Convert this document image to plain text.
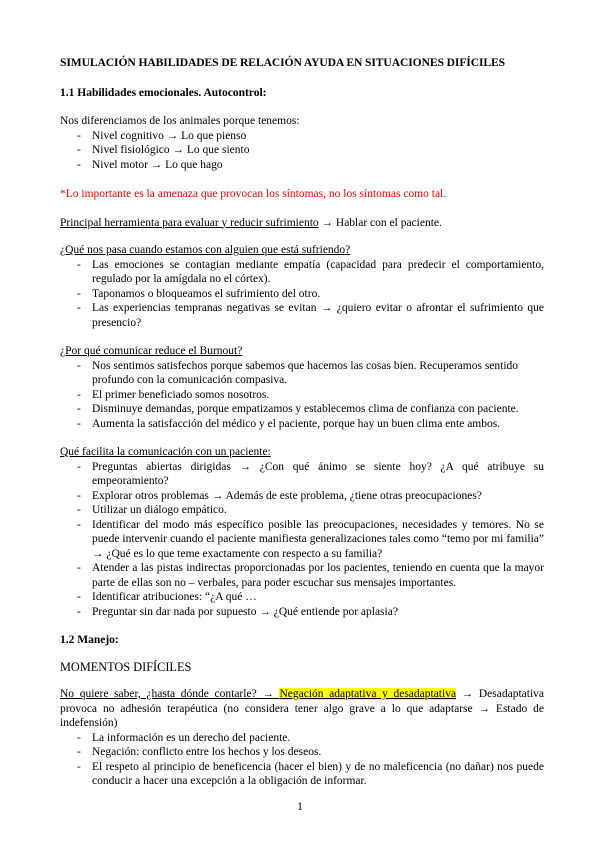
SIMULACIÓN HABILIDADES DE RELACIÓN AYUDA EN SITUACIONES DIFÍCILES

1.1 Habilidades emocionales. Autocontrol:

Nos diferenciamos de los animales porque tenemos:

- Nivel cognitivo → Lo que pienso
- Nivel fisiológico → Lo que siento
- Nivel motor → Lo que hago

*Lo importante es la amenaza que provocan los síntomas, no los síntomas como tal.

Principal herramienta para evaluar y reducir sufrimiento → Hablar con el paciente.

¿Qué nos pasa cuando estamos con alguien que está sufriendo?

- Las emociones se contagian mediante empatía (capacidad para predecir el comportamiento, regulado por la amígdala no el córtex).
- Taponamos o bloqueamos el sufrimiento del otro.
- Las experiencias tempranas negativas se evitan → ¿quiero evitar o afrontar el sufrimiento que presencio?

¿Por qué comunicar reduce el Burnout?

- Nos sentimos satisfechos porque sabemos que hacemos las cosas bien. Recuperamos sentido profundo con la comunicación compasiva.
- El primer beneficiado somos nosotros.
- Disminuye demandas, porque empatizamos y establecemos clima de confianza con paciente.
- Aumenta la satisfacción del médico y el paciente, porque hay un buen clima ente ambos.

Qué facilita la comunicación con un paciente:

- Preguntas abiertas dirigidas → ¿Con qué ánimo se siente hoy? ¿A qué atribuye su empeoramiento?
- Explorar otros problemas → Además de este problema, ¿tiene otras preocupaciones?
- Utilizar un diálogo empático.
- Identificar del modo más específico posible las preocupaciones, necesidades y temores. No se puede intervenir cuando el paciente manifiesta generalizaciones tales como “temo por mi familia” → ¿Qué es lo que teme exactamente con respecto a su familia?
- Atender a las pistas indirectas proporcionadas por los pacientes, teniendo en cuenta que la mayor parte de ellas son no – verbales, para poder escuchar sus mensajes importantes.
- Identificar atribuciones: “¿A qué …
- Preguntar sin dar nada por supuesto → ¿Qué entiende por aplasia?

1.2 Manejo:

MOMENTOS DIFÍCILES

No quiere saber, ¿hasta dónde contarle? → Negación adaptativa y desadaptativa → Desadaptativa provoca no adhesión terapéutica (no considera tener algo grave a lo que adaptarse → Estado de indefensión)

- La información es un derecho del paciente.
- Negación: conflicto entre los hechos y los deseos.
- El respeto al principio de beneficencia (hacer el bien) y de no maleficencia (no dañar) nos puede conducir a hacer una excepción a la obligación de informar.
1
